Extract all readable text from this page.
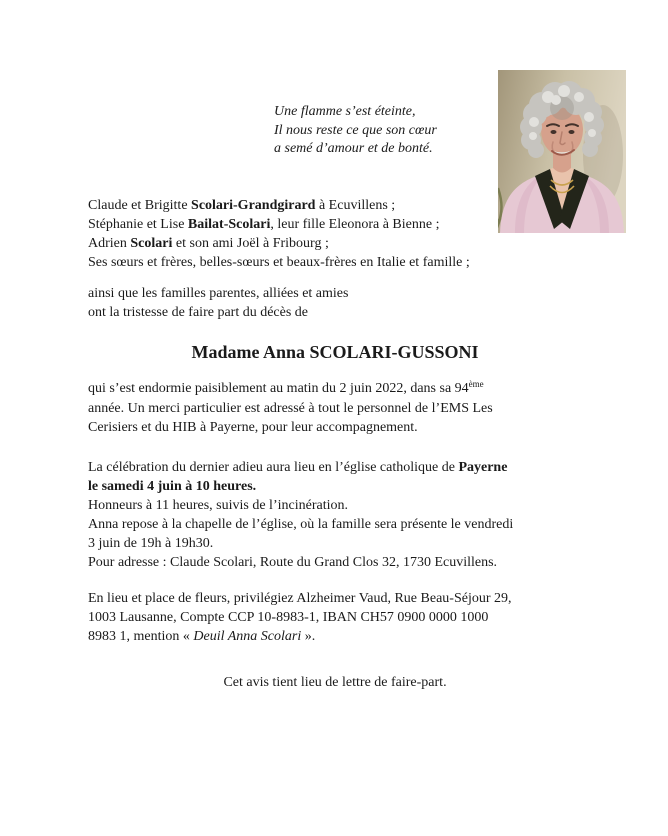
Une flamme s’est éteinte,
Il nous reste ce que son cœur
a semé d’amour et de bonté.
Claude et Brigitte Scolari-Grandgirard à Ecuvillens ;
Stéphanie et Lise Bailat-Scolari, leur fille Eleonora à Bienne ;
Adrien Scolari et son ami Joël à Fribourg ;
Ses sœurs et frères, belles-sœurs et beaux-frères en Italie et famille ;
ainsi que les familles parentes, alliées et amies
ont la tristesse de faire part du décès de
Madame Anna SCOLARI-GUSSONI
qui s’est endormie paisiblement au matin du 2 juin 2022, dans sa 94ème
année. Un merci particulier est adressé à tout le personnel de l’EMS Les
Cerisiers et du HIB à Payerne, pour leur accompagnement.
La célébration du dernier adieu aura lieu en l’église catholique de Payerne
le samedi 4 juin à 10 heures.
Honneurs à 11 heures, suivis de l’incinération.
Anna repose à la chapelle de l’église, où la famille sera présente le vendredi
3 juin de 19h à 19h30.
Pour adresse : Claude Scolari, Route du Grand Clos 32, 1730 Ecuvillens.
En lieu et place de fleurs, privilégiez Alzheimer Vaud, Rue Beau-Séjour 29,
1003 Lausanne, Compte CCP 10-8983-1, IBAN CH57 0900 0000 1000
8983 1, mention « Deuil Anna Scolari ».
Cet avis tient lieu de lettre de faire-part.
